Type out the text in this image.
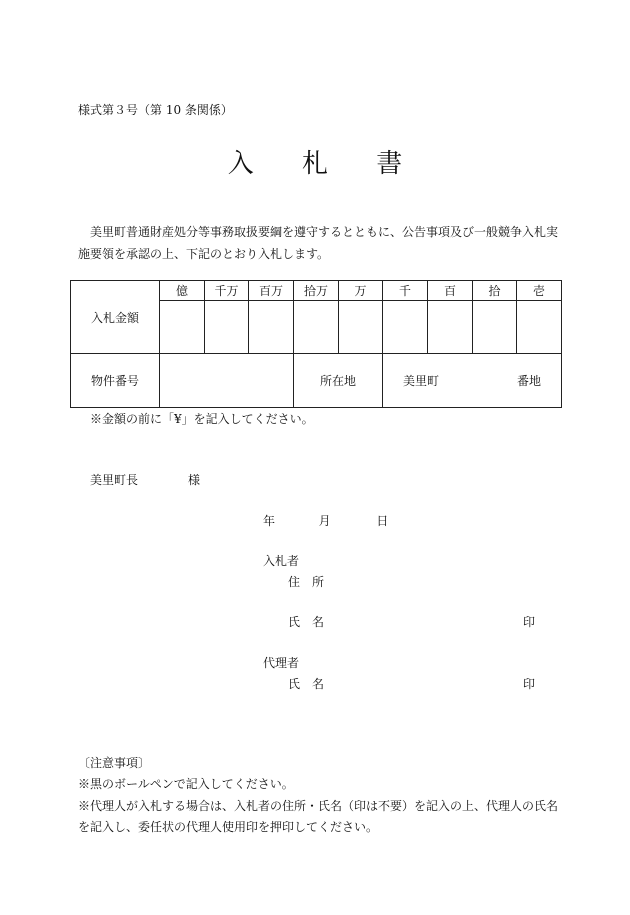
様式第３号（第 10 条関係）
入 札 書
美里町普通財産処分等事務取扱要綱を遵守するとともに、公告事項及び一般競争入札実施要領を承認の上、下記のとおり入札します。
入札金額	億	千万	百万	拾万	万	千	百	拾	壱

物件番号				所在地		美里町 番地			
※金額の前に「¥」を記入してください。
美里町長	様
年	月	日
入札者
住　所
氏　名	印
代理者
氏　名	印
〔注意事項〕
※黒のボールペンで記入してください。
※代理人が入札する場合は、入札者の住所・氏名（印は不要）を記入の上、代理人の氏名を記入し、委任状の代理人使用印を押印してください。
